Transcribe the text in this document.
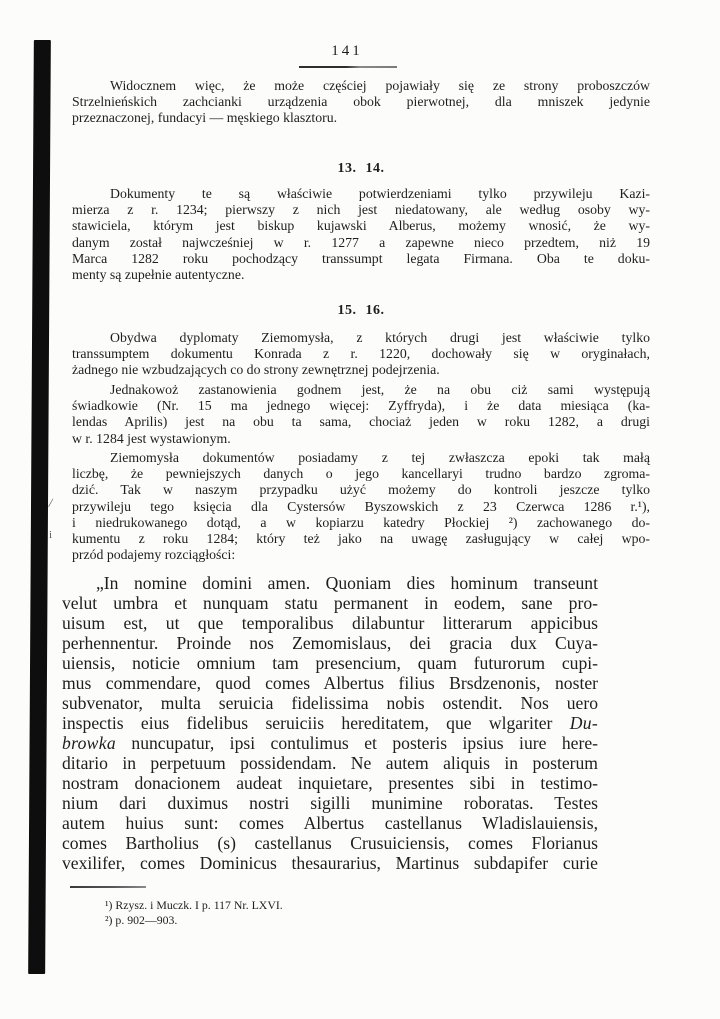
141
Widocznem więc, że może częściej pojawiały się ze strony proboszczów
Strzelnieńskich zachcianki urządzenia obok pierwotnej, dla mniszek jedynie
przeznaczonej, fundacyi — męskiego klasztoru.
13. 14.
Dokumenty te są właściwie potwierdzeniami tylko przywileju Kazi-
mierza z r. 1234; pierwszy z nich jest niedatowany, ale według osoby wy-
stawiciela, którym jest biskup kujawski Alberus, możemy wnosić, że wy-
danym został najwcześniej w r. 1277 a zapewne nieco przedtem, niż 19
Marca 1282 roku pochodzący transsumpt legata Firmana. Oba te doku-
menty są zupełnie autentyczne.
15. 16.
Obydwa dyplomaty Ziemomysła, z których drugi jest właściwie tylko
transsumptem dokumentu Konrada z r. 1220, dochowały się w oryginałach,
żadnego nie wzbudzających co do strony zewnętrznej podejrzenia.
Jednakowoż zastanowienia godnem jest, że na obu ciż sami występują
świadkowie (Nr. 15 ma jednego więcej: Zyffryda), i że data miesiąca (ka-
lendas Aprilis) jest na obu ta sama, chociaż jeden w roku 1282, a drugi
w r. 1284 jest wystawionym.
Ziemomysła dokumentów posiadamy z tej zwłaszcza epoki tak małą
liczbę, że pewniejszych danych o jego kancellaryi trudno bardzo zgroma-
dzić. Tak w naszym przypadku użyć możemy do kontroli jeszcze tylko
przywileju tego księcia dla Cystersów Byszowskich z 23 Czerwca 1286 r.¹),
i niedrukowanego dotąd, a w kopiarzu katedry Płockiej ²) zachowanego do-
kumentu z roku 1284; który też jako na uwagę zasługujący w całej wpo-
przód podajemy rozciągłości:
„In nomine domini amen. Quoniam dies hominum transeunt
velut umbra et nunquam statu permanent in eodem, sane pro-
uisum est, ut que temporalibus dilabuntur litterarum appicibus
perhennentur. Proinde nos Zemomislaus, dei gracia dux Cuya-
uiensis, noticie omnium tam presencium, quam futurorum cupi-
mus commendare, quod comes Albertus filius Brsdzenonis, noster
subvenator, multa seruicia fidelissima nobis ostendit. Nos uero
inspectis eius fidelibus seruiciis hereditatem, que wlgariter Du-
browka nuncupatur, ipsi contulimus et posteris ipsius iure here-
ditario in perpetuum possidendam. Ne autem aliquis in posterum
nostram donacionem audeat inquietare, presentes sibi in testimo-
nium dari duximus nostri sigilli munimine roboratas. Testes
autem huius sunt: comes Albertus castellanus Wladislauiensis,
comes Bartholius (s) castellanus Crusuiciensis, comes Florianus
vexilifer, comes Dominicus thesaurarius, Martinus subdapifer curie
¹) Rzysz. i Muczk. I p. 117 Nr. LXVI.
²) p. 902—903.
/
i
